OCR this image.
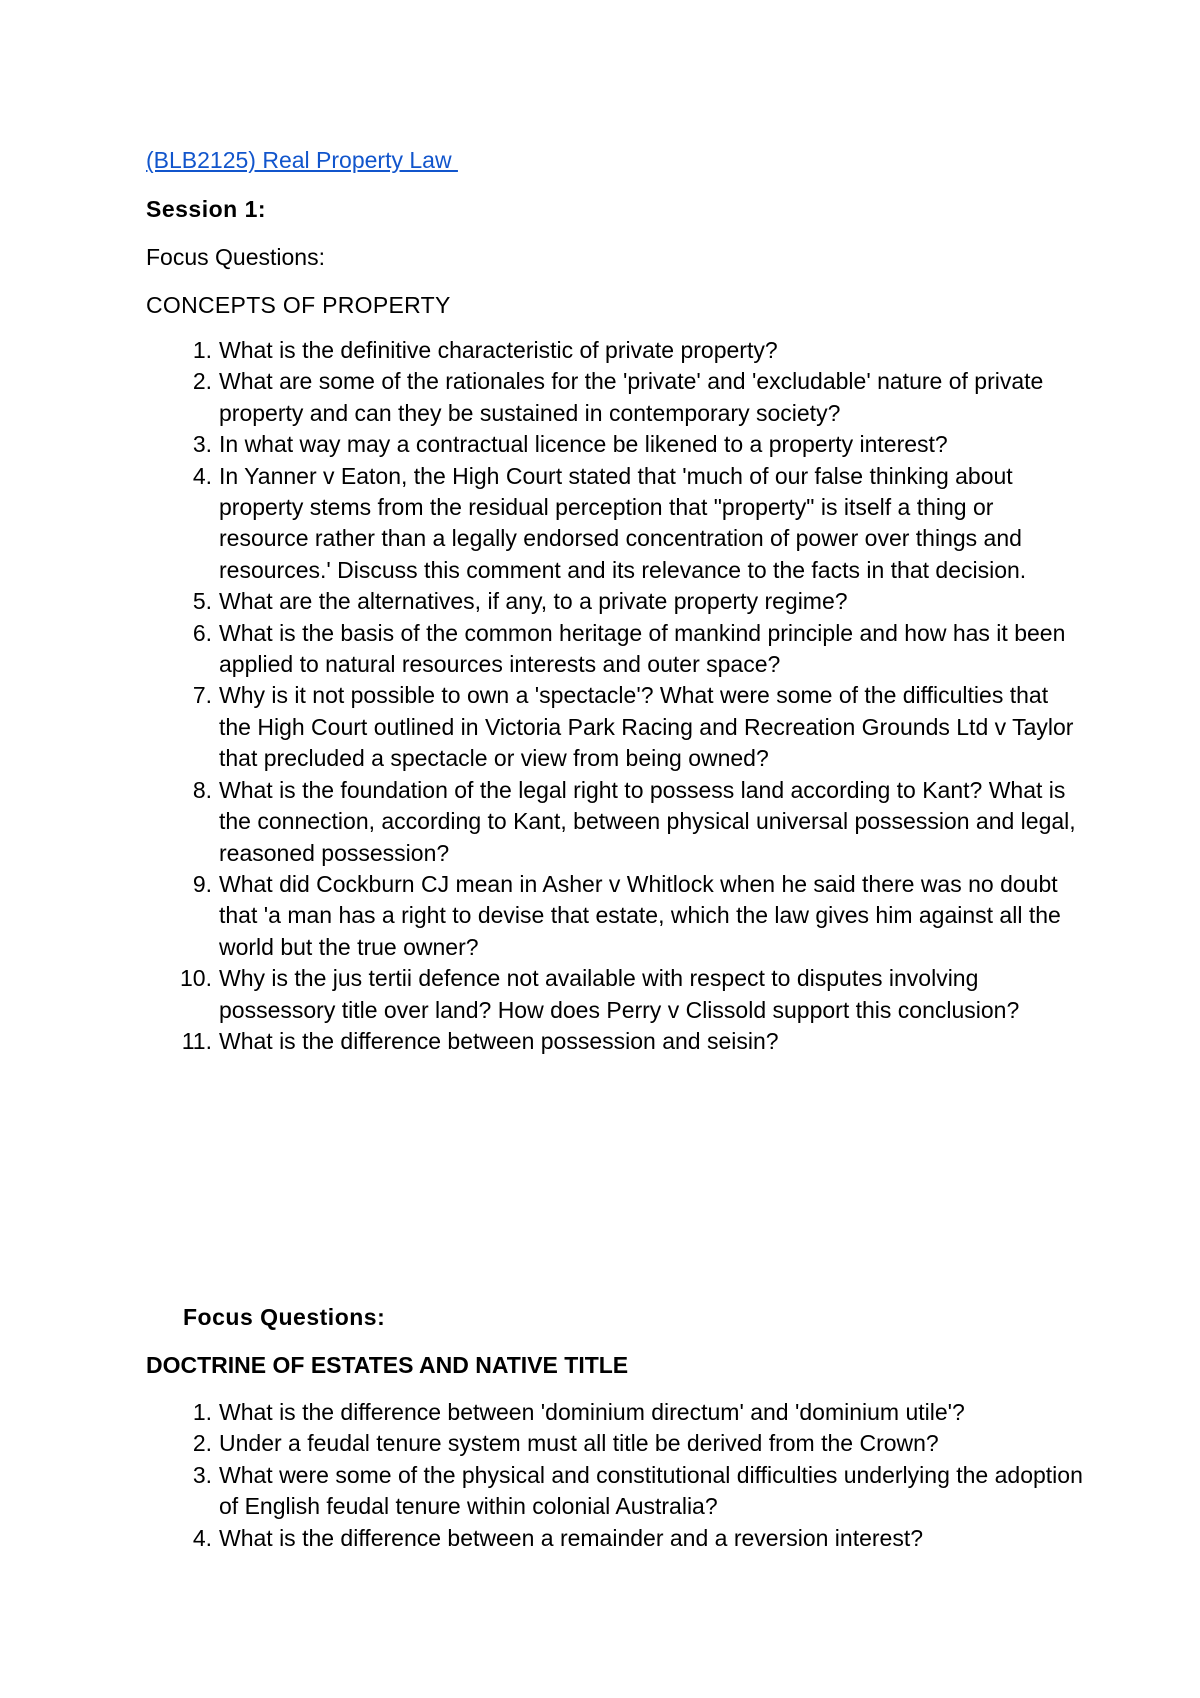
(BLB2125) Real Property Law
Session 1:
Focus Questions:
CONCEPTS OF PROPERTY
1. What is the definitive characteristic of private property?
2. What are some of the rationales for the 'private' and 'excludable' nature of private property and can they be sustained in contemporary society?
3. In what way may a contractual licence be likened to a property interest?
4. In Yanner v Eaton, the High Court stated that 'much of our false thinking about property stems from the residual perception that "property" is itself a thing or resource rather than a legally endorsed concentration of power over things and resources.' Discuss this comment and its relevance to the facts in that decision.
5. What are the alternatives, if any, to a private property regime?
6. What is the basis of the common heritage of mankind principle and how has it been applied to natural resources interests and outer space?
7. Why is it not possible to own a 'spectacle'? What were some of the difficulties that the High Court outlined in Victoria Park Racing and Recreation Grounds Ltd v Taylor that precluded a spectacle or view from being owned?
8. What is the foundation of the legal right to possess land according to Kant? What is the connection, according to Kant, between physical universal possession and legal, reasoned possession?
9. What did Cockburn CJ mean in Asher v Whitlock when he said there was no doubt that 'a man has a right to devise that estate, which the law gives him against all the world but the true owner?
10. Why is the jus tertii defence not available with respect to disputes involving possessory title over land? How does Perry v Clissold support this conclusion?
11. What is the difference between possession and seisin?
Focus Questions:
DOCTRINE OF ESTATES AND NATIVE TITLE
1. What is the difference between 'dominium directum' and 'dominium utile'?
2. Under a feudal tenure system must all title be derived from the Crown?
3. What were some of the physical and constitutional difficulties underlying the adoption of English feudal tenure within colonial Australia?
4. What is the difference between a remainder and a reversion interest?
